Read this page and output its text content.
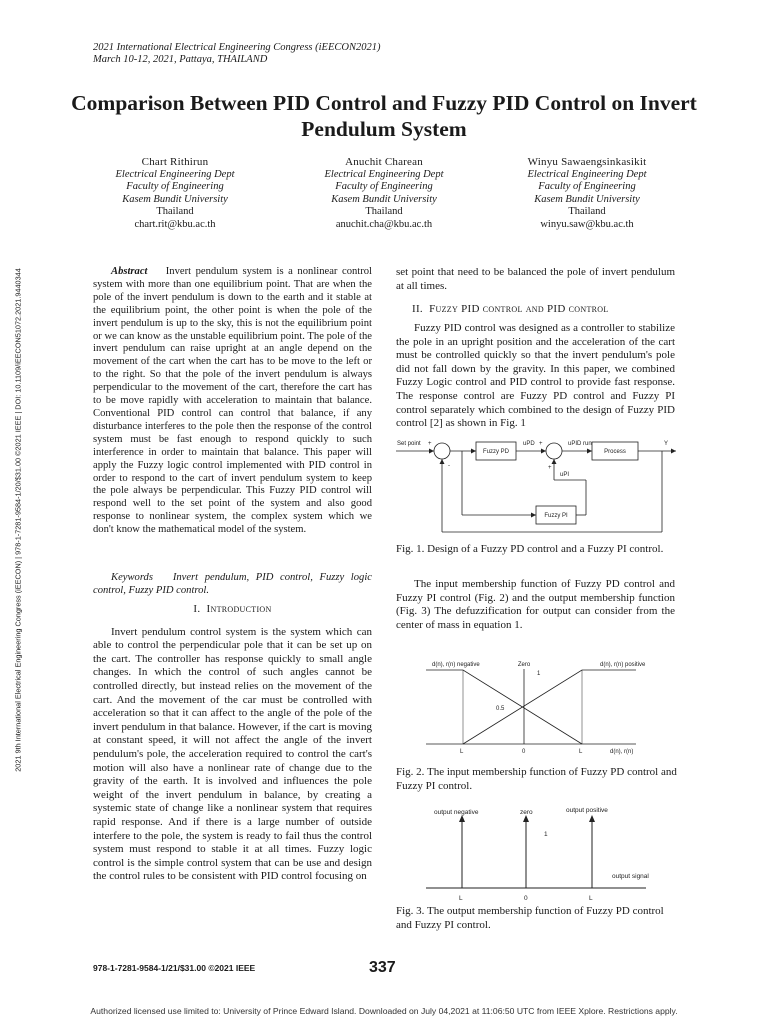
2021 International Electrical Engineering Congress (iEECON2021)
March 10-12, 2021, Pattaya, THAILAND
Comparison Between PID Control and Fuzzy PID Control on Invert Pendulum System
Chart Rithirun
Electrical Engineering Dept
Faculty of Engineering
Kasem Bundit University
Thailand
chart.rit@kbu.ac.th
Anuchit Charean
Electrical Engineering Dept
Faculty of Engineering
Kasem Bundit University
Thailand
anuchit.cha@kbu.ac.th
Winyu Sawaengsinkasikit
Electrical Engineering Dept
Faculty of Engineering
Kasem Bundit University
Thailand
winyu.saw@kbu.ac.th
2021 9th International Electrical Engineering Congress (iEECON) | 978-1-7281-9584-1/20/$31.00 ©2021 IEEE | DOI: 10.1109/iEECON51072.2021.9440344	Abstract Invert pendulum system is a nonlinear control system with more than one equilibrium point. That are when the pole of the invert pendulum is down to the earth and it stable at the equilibrium point, the other point is when the pole of the invert pendulum is up to the sky, this is not the equilibrium point or we can know as the unstable equilibrium point. The pole of the invert pendulum can raise upright at an angle depend on the movement of the cart when the cart has to be move to the left or to the right. So that the pole of the invert pendulum is always perpendicular to the movement of the cart, therefore the cart has to be move rapidly with acceleration to maintain that balance. Conventional PID control can control that balance, if any disturbance interferes to the pole then the response of the control system must be fast enough to respond quickly to such interference in order to maintain that balance. This paper will apply the Fuzzy logic control implemented with PID control in order to respond to the cart of invert pendulum system to keep the pole always be perpendicular. This Fuzzy PID control will respond well to the set point of the system and also good response to nonlinear system, the complex system which we don't know the mathematical model of the system.

Keywords Invert pendulum, PID control, Fuzzy logic control, Fuzzy PID control.

I. Introduction

Invert pendulum control system is the system which can able to control the perpendicular pole that it can be set up on the cart. The controller has response quickly to small angle changes. In which the control of such angles cannot be controlled directly, but instead relies on the movement of the cart. And the movement of the car must be controlled with acceleration so that it can affect to the angle of the pole of the invert pendulum in that balance. However, if the cart is moving at constant speed, it will not affect the angle of the invert pendulum's pole, the acceleration required to control the cart's motion will also have a nonlinear rate of change due to the gravity of the earth. It is involved and influences the pole weight of the invert pendulum in balance, by creating a systemic state of change like a nonlinear system that requires rapid response. And if there is a large number of outside interfere to the pole, the system is ready to fail thus the control system must respond to stable it at all times. Fuzzy logic control is the simple control system that can be use and design the control rules to be consistent with PID control focusing on

set point that need to be balanced the pole of invert pendulum at all times.

II. Fuzzy PID control and PID control

Fuzzy PID control was designed as a controller to stabilize the pole in an upright position and the acceleration of the cart must be controlled quickly so that the invert pendulum's pole did not fall down by the gravity. In this paper, we combined Fuzzy Logic control and PID control to provide fast response. The response control are Fuzzy PD control and Fuzzy PI control separately which combined to the design of Fuzzy PID control [2] as shown in Fig. 1

Set point +
-
Fuzzy PD
uPD +
+
uPI
uPID run
Process
Y
Fuzzy PI
Fig. 1. Design of a Fuzzy PD control and a Fuzzy PI control.

The input membership function of Fuzzy PD control and Fuzzy PI control (Fig. 2) and the output membership function (Fig. 3) The defuzzification for output can consider from the center of mass in equation 1.

d(n), r(n) negative	Zero	d(n), r(n) positive
1
0.5
L	0	L	d(n), r(n)
Fig. 2. The input membership function of Fuzzy PD control and Fuzzy PI control.
output negative	zero	output positive
1
L	0	L
output signal
Fig. 3. The output membership function of Fuzzy PD control and Fuzzy PI control.
978-1-7281-9584-1/21/$31.00 ©2021 IEEE	337
Authorized licensed use limited to: University of Prince Edward Island. Downloaded on July 04,2021 at 11:06:50 UTC from IEEE Xplore. Restrictions apply.
